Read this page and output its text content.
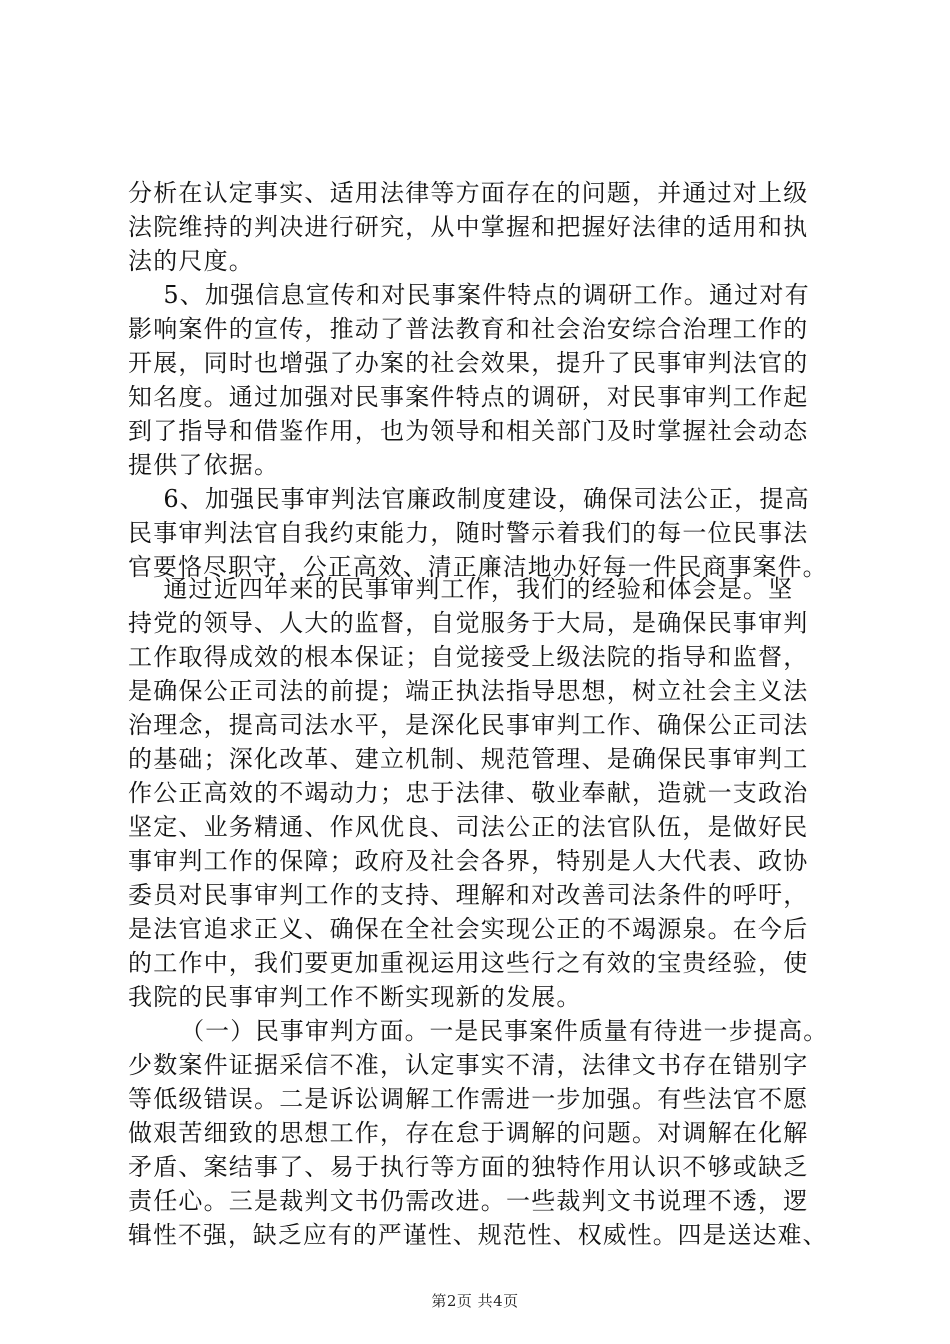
分析在认定事实、适用法律等方面存在的问题，并通过对上级
法院维持的判决进行研究，从中掌握和把握好法律的适用和执
法的尺度。
5、加强信息宣传和对民事案件特点的调研工作。通过对有
影响案件的宣传，推动了普法教育和社会治安综合治理工作的
开展，同时也增强了办案的社会效果，提升了民事审判法官的
知名度。通过加强对民事案件特点的调研，对民事审判工作起
到了指导和借鉴作用，也为领导和相关部门及时掌握社会动态
提供了依据。
6、加强民事审判法官廉政制度建设，确保司法公正，提高
民事审判法官自我约束能力，随时警示着我们的每一位民事法
官要恪尽职守，公正高效、清正廉洁地办好每一件民商事案件。
通过近四年来的民事审判工作，我们的经验和体会是。坚
持党的领导、人大的监督，自觉服务于大局，是确保民事审判
工作取得成效的根本保证；自觉接受上级法院的指导和监督，
是确保公正司法的前提；端正执法指导思想，树立社会主义法
治理念，提高司法水平，是深化民事审判工作、确保公正司法
的基础；深化改革、建立机制、规范管理、是确保民事审判工
作公正高效的不竭动力；忠于法律、敬业奉献，造就一支政治
坚定、业务精通、作风优良、司法公正的法官队伍，是做好民
事审判工作的保障；政府及社会各界，特别是人大代表、政协
委员对民事审判工作的支持、理解和对改善司法条件的呼吁，
是法官追求正义、确保在全社会实现公正的不竭源泉。在今后
的工作中，我们要更加重视运用这些行之有效的宝贵经验，使
我院的民事审判工作不断实现新的发展。
（一）民事审判方面。一是民事案件质量有待进一步提高。
少数案件证据采信不准，认定事实不清，法律文书存在错别字
等低级错误。二是诉讼调解工作需进一步加强。有些法官不愿
做艰苦细致的思想工作，存在怠于调解的问题。对调解在化解
矛盾、案结事了、易于执行等方面的独特作用认识不够或缺乏
责任心。三是裁判文书仍需改进。一些裁判文书说理不透，逻
辑性不强，缺乏应有的严谨性、规范性、权威性。四是送达难、
第2页 共4页
